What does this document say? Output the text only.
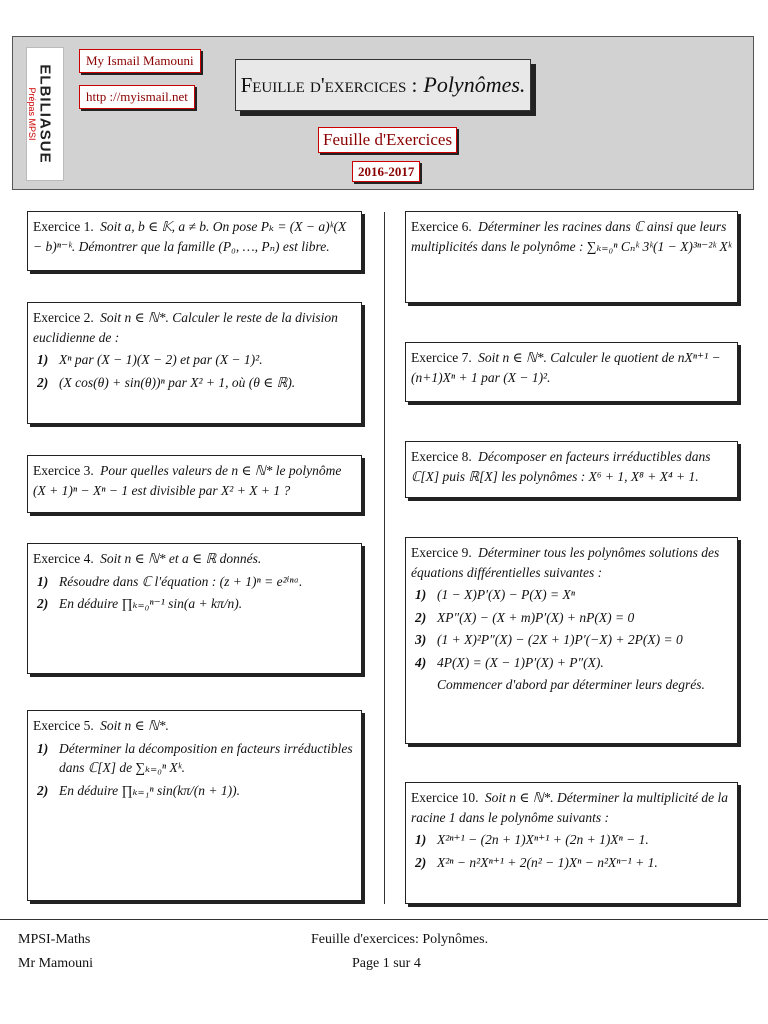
ELBILIASUE
Prépas MPSI
My Ismail Mamouni
http ://myismail.net	Feuille d'exercices : Polynômes.
Feuille d'Exercices
2016-2017
Exercice 1. Soit a, b ∈ 𝕂, a ≠ b. On pose Pₖ = (X − a)ᵏ(X − b)ⁿ⁻ᵏ. Démontrer que la famille (P₀, …, Pₙ) est libre.
Exercice 2. Soit n ∈ ℕ*. Calculer le reste de la division euclidienne de :
1) Xⁿ par (X − 1)(X − 2) et par (X − 1)².
2) (X cos(θ) + sin(θ))ⁿ par X² + 1, où (θ ∈ ℝ).
Exercice 3. Pour quelles valeurs de n ∈ ℕ* le polynôme (X + 1)ⁿ − Xⁿ − 1 est divisible par X² + X + 1 ?
Exercice 4. Soit n ∈ ℕ* et a ∈ ℝ donnés.
1) Résoudre dans ℂ l'équation : (z + 1)ⁿ = e²ⁱⁿᵃ.
2) En déduire ∏ₖ₌₀ⁿ⁻¹ sin(a + kπ/n).
Exercice 5. Soit n ∈ ℕ*.
1) Déterminer la décomposition en facteurs irréductibles dans ℂ[X] de ∑ₖ₌₀ⁿ Xᵏ.
2) En déduire ∏ₖ₌₁ⁿ sin(kπ/(n + 1)).
Exercice 6. Déterminer les racines dans ℂ ainsi que leurs multiplicités dans le polynôme : ∑ₖ₌₀ⁿ Cₙᵏ 3ᵏ(1 − X)³ⁿ⁻²ᵏ Xᵏ
Exercice 7. Soit n ∈ ℕ*. Calculer le quotient de nXⁿ⁺¹ − (n+1)Xⁿ + 1 par (X − 1)².
Exercice 8. Décomposer en facteurs irréductibles dans ℂ[X] puis ℝ[X] les polynômes : X⁶ + 1, X⁸ + X⁴ + 1.
Exercice 9. Déterminer tous les polynômes solutions des équations différentielles suivantes :
1) (1 − X)P′(X) − P(X) = Xⁿ
2) XP″(X) − (X + m)P′(X) + nP(X) = 0
3) (1 + X)²P″(X) − (2X + 1)P′(−X) + 2P(X) = 0
4) 4P(X) = (X − 1)P′(X) + P″(X).
Commencer d'abord par déterminer leurs degrés.
Exercice 10. Soit n ∈ ℕ*. Déterminer la multiplicité de la racine 1 dans le polynôme suivants :
1) X²ⁿ⁺¹ − (2n + 1)Xⁿ⁺¹ + (2n + 1)Xⁿ − 1.
2) X²ⁿ − n²Xⁿ⁺¹ + 2(n² − 1)Xⁿ − n²Xⁿ⁻¹ + 1.
MPSI-Maths
Mr Mamouni
Feuille d'exercices: Polynômes.
Page 1 sur 4
